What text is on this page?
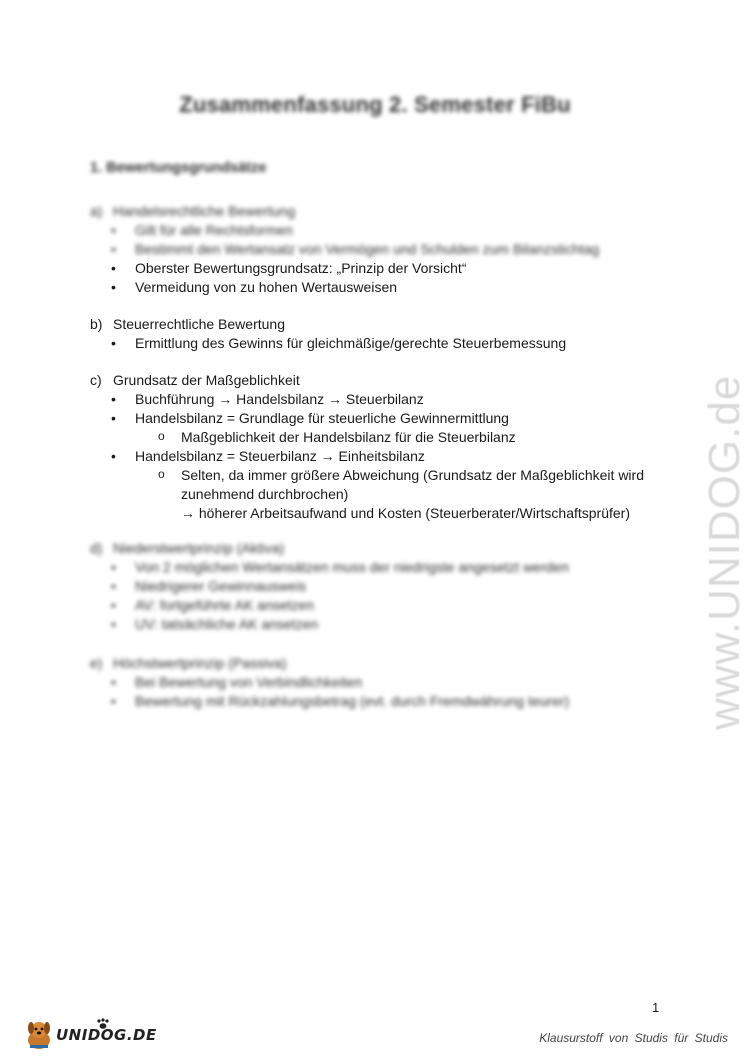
Zusammenfassung 2. Semester FiBu
1. Bewertungsgrundsätze
a) Handelsrechtliche Bewertung
• Gilt für alle Rechtsformen
• Bestimmt den Wertansatz von Vermögen und Schulden zum Bilanzstichtag
• Oberster Bewertungsgrundsatz: „Prinzip der Vorsicht“
• Vermeidung von zu hohen Wertausweisen
b) Steuerrechtliche Bewertung
• Ermittlung des Gewinns für gleichmäßige/gerechte Steuerbemessung
c) Grundsatz der Maßgeblichkeit
• Buchführung → Handelsbilanz → Steuerbilanz
• Handelsbilanz = Grundlage für steuerliche Gewinnermittlung
o Maßgeblichkeit der Handelsbilanz für die Steuerbilanz
• Handelsbilanz = Steuerbilanz → Einheitsbilanz
o Selten, da immer größere Abweichung (Grundsatz der Maßgeblichkeit wird
zunehmend durchbrochen)
→ höherer Arbeitsaufwand und Kosten (Steuerberater/Wirtschaftsprüfer)
d) Niederstwertprinzip (Aktiva)
• Von 2 möglichen Wertansätzen muss der niedrigste angesetzt werden
• Niedrigerer Gewinnausweis
• AV: fortgeführte AK ansetzen
• UV: tatsächliche AK ansetzen
e) Höchstwertprinzip (Passiva)
• Bei Bewertung von Verbindlichkeiten
• Bewertung mit Rückzahlungsbetrag (evt. durch Fremdwährung teurer)	www.UNIDOG.de
1
UNIDOG.DE	Klausurstoff von Studis für Studis
